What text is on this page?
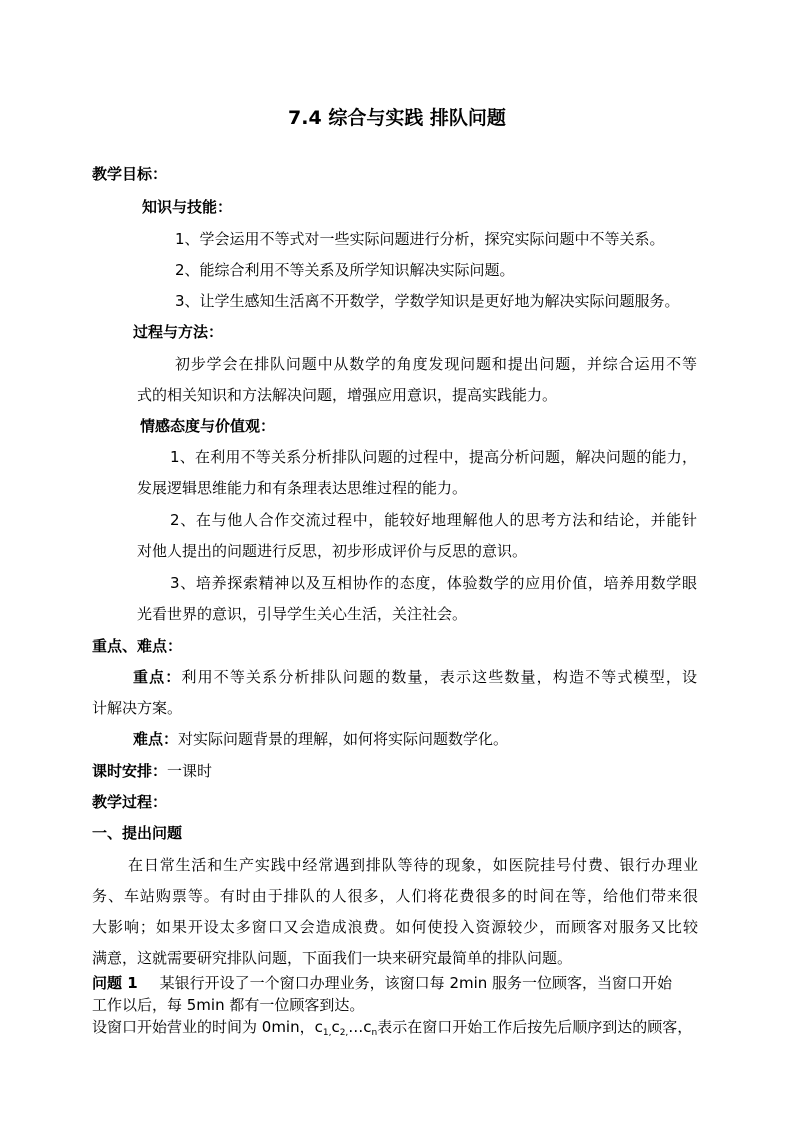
7.4 综合与实践 排队问题
教学目标：
知识与技能：
1、学会运用不等式对一些实际问题进行分析，探究实际问题中不等关系。
2、能综合利用不等关系及所学知识解决实际问题。
3、让学生感知生活离不开数学，学数学知识是更好地为解决实际问题服务。
过程与方法：
初步学会在排队问题中从数学的角度发现问题和提出问题，并综合运用不等
式的相关知识和方法解决问题，增强应用意识，提高实践能力。
情感态度与价值观：
1、在利用不等关系分析排队问题的过程中，提高分析问题，解决问题的能力，
发展逻辑思维能力和有条理表达思维过程的能力。
2、在与他人合作交流过程中，能较好地理解他人的思考方法和结论，并能针
对他人提出的问题进行反思，初步形成评价与反思的意识。
3、培养探索精神以及互相协作的态度，体验数学的应用价值，培养用数学眼
光看世界的意识，引导学生关心生活，关注社会。
重点、难点：
重点：利用不等关系分析排队问题的数量，表示这些数量，构造不等式模型，设
计解决方案。
难点：对实际问题背景的理解，如何将实际问题数学化。
课时安排：一课时
教学过程：
一、提出问题
在日常生活和生产实践中经常遇到排队等待的现象，如医院挂号付费、银行办理业
务、车站购票等。有时由于排队的人很多，人们将花费很多的时间在等，给他们带来很
大影响；如果开设太多窗口又会造成浪费。如何使投入资源较少，而顾客对服务又比较
满意，这就需要研究排队问题，下面我们一块来研究最简单的排队问题。
问题 1 某银行开设了一个窗口办理业务，该窗口每 2min 服务一位顾客，当窗口开始
工作以后，每 5min 都有一位顾客到达。
设窗口开始营业的时间为 0min，$c_{1,}c_{2,}\dots c_n$表示在窗口开始工作后按先后顺序到达的顾客，
